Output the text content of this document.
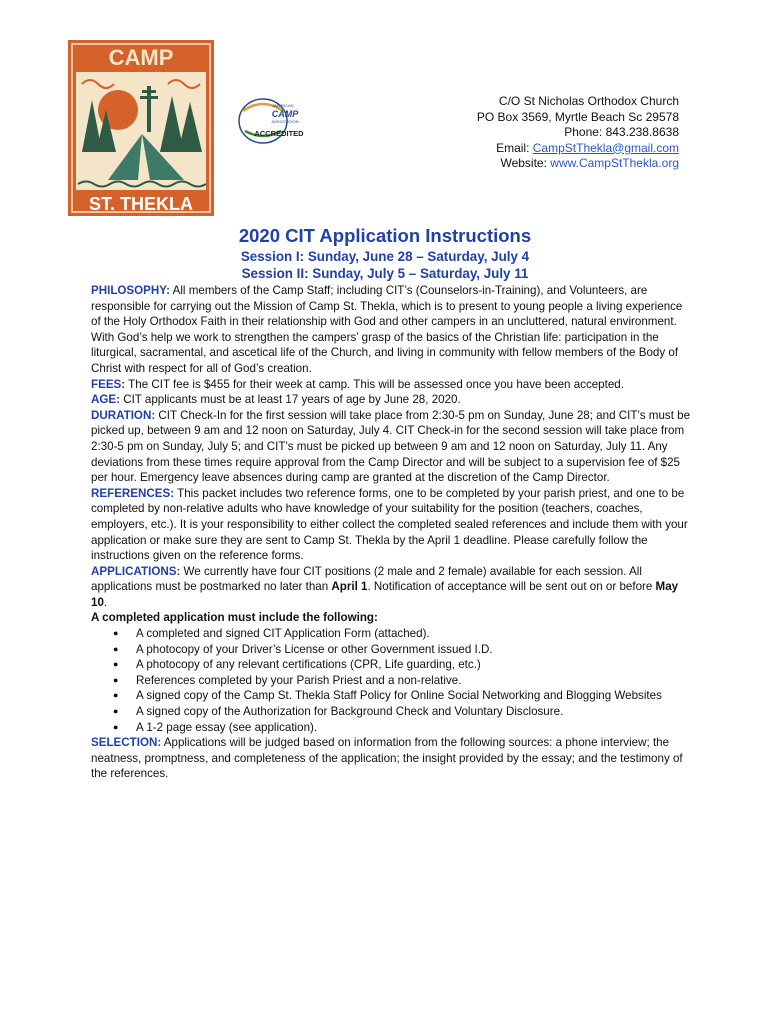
CAMP
ST. THEKLA
AMERICAN
CAMP
ASSOCIATION
ACCREDITED
C/O St Nicholas Orthodox Church
PO Box 3569, Myrtle Beach Sc 29578
Phone: 843.238.8638
Email: CampStThekla@gmail.com
Website: www.CampStThekla.org
2020 CIT Application Instructions
Session I: Sunday, June 28 – Saturday, July 4
Session II: Sunday, July 5 – Saturday, July 11

PHILOSOPHY: All members of the Camp Staff; including CIT’s (Counselors-in-Training), and Volunteers, are responsible for carrying out the Mission of Camp St. Thekla, which is to present to young people a living experience of the Holy Orthodox Faith in their relationship with God and other campers in an uncluttered, natural environment. With God’s help we work to strengthen the campers’ grasp of the basics of the Christian life: participation in the liturgical, sacramental, and ascetical life of the Church, and living in community with fellow members of the Body of Christ with respect for all of God’s creation.

FEES: The CIT fee is $455 for their week at camp. This will be assessed once you have been accepted.

AGE: CIT applicants must be at least 17 years of age by June 28, 2020.

DURATION: CIT Check-In for the first session will take place from 2:30-5 pm on Sunday, June 28; and CIT’s must be picked up, between 9 am and 12 noon on Saturday, July 4. CIT Check-in for the second session will take place from 2:30-5 pm on Sunday, July 5; and CIT’s must be picked up between 9 am and 12 noon on Saturday, July 11. Any deviations from these times require approval from the Camp Director and will be subject to a supervision fee of $25 per hour. Emergency leave absences during camp are granted at the discretion of the Camp Director.

REFERENCES: This packet includes two reference forms, one to be completed by your parish priest, and one to be completed by non-relative adults who have knowledge of your suitability for the position (teachers, coaches, employers, etc.). It is your responsibility to either collect the completed sealed references and include them with your application or make sure they are sent to Camp St. Thekla by the April 1 deadline. Please carefully follow the instructions given on the reference forms.

APPLICATIONS: We currently have four CIT positions (2 male and 2 female) available for each session. All applications must be postmarked no later than April 1. Notification of acceptance will be sent out on or before May 10.

A completed application must include the following:

● A completed and signed CIT Application Form (attached).
● A photocopy of your Driver’s License or other Government issued I.D.
● A photocopy of any relevant certifications (CPR, Life guarding, etc.)
● References completed by your Parish Priest and a non-relative.
● A signed copy of the Camp St. Thekla Staff Policy for Online Social Networking and Blogging Websites
● A signed copy of the Authorization for Background Check and Voluntary Disclosure.
● A 1-2 page essay (see application).

SELECTION: Applications will be judged based on information from the following sources: a phone interview; the neatness, promptness, and completeness of the application; the insight provided by the essay; and the testimony of the references.
